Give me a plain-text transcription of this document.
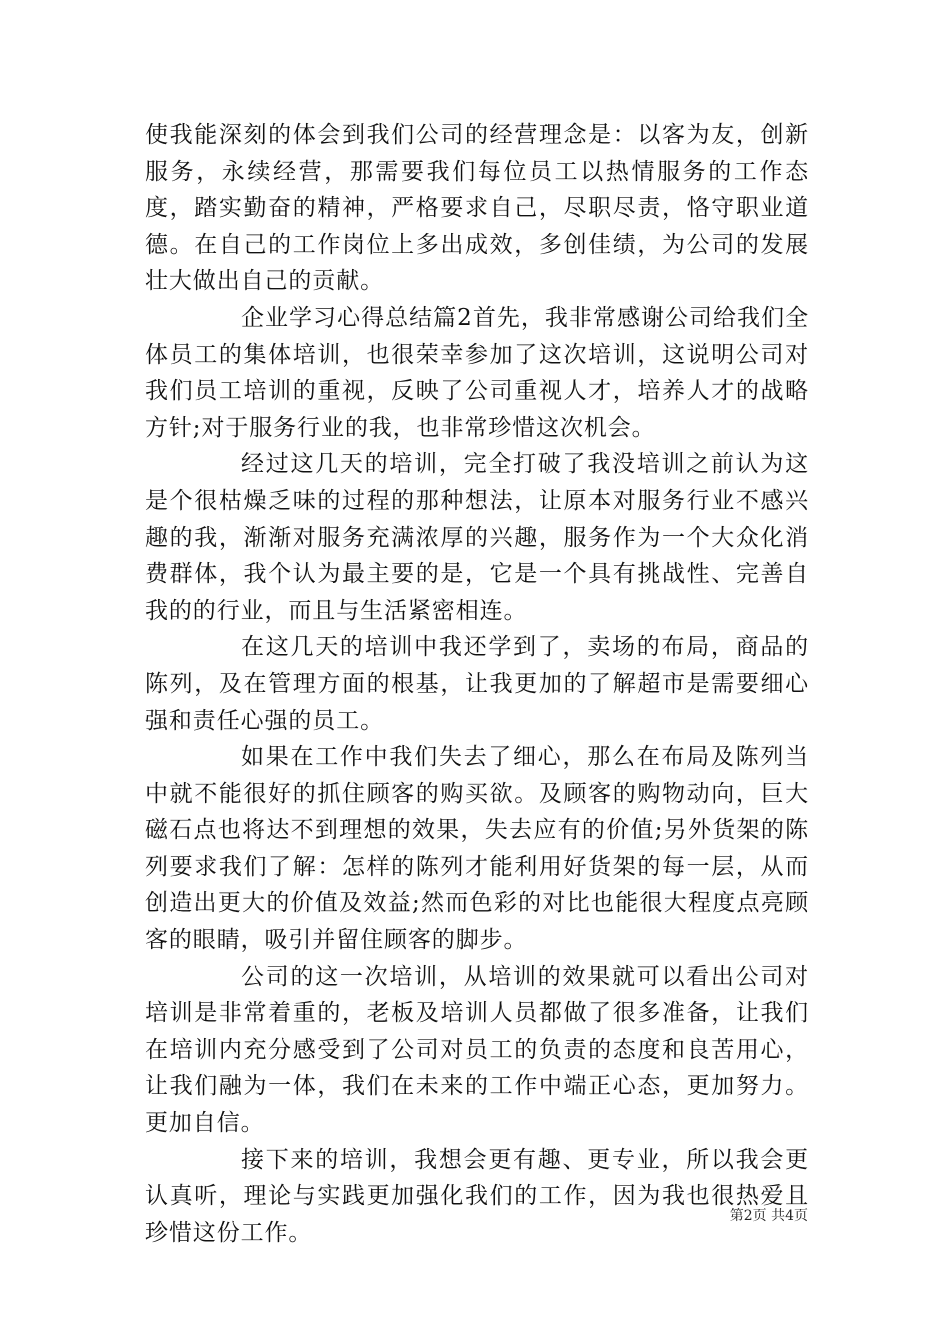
使我能深刻的体会到我们公司的经营理念是：以客为友，创新服务，永续经营，那需要我们每位员工以热情服务的工作态度，踏实勤奋的精神，严格要求自己，尽职尽责，恪守职业道德。在自己的工作岗位上多出成效，多创佳绩，为公司的发展壮大做出自己的贡献。

企业学习心得总结篇2首先，我非常感谢公司给我们全体员工的集体培训，也很荣幸参加了这次培训，这说明公司对我们员工培训的重视，反映了公司重视人才，培养人才的战略方针;对于服务行业的我，也非常珍惜这次机会。

经过这几天的培训，完全打破了我没培训之前认为这是个很枯燥乏味的过程的那种想法，让原本对服务行业不感兴趣的我，渐渐对服务充满浓厚的兴趣，服务作为一个大众化消费群体，我个认为最主要的是，它是一个具有挑战性、完善自我的的行业，而且与生活紧密相连。

在这几天的培训中我还学到了，卖场的布局，商品的陈列，及在管理方面的根基，让我更加的了解超市是需要细心强和责任心强的员工。

如果在工作中我们失去了细心，那么在布局及陈列当中就不能很好的抓住顾客的购买欲。及顾客的购物动向，巨大磁石点也将达不到理想的效果，失去应有的价值;另外货架的陈列要求我们了解：怎样的陈列才能利用好货架的每一层，从而创造出更大的价值及效益;然而色彩的对比也能很大程度点亮顾客的眼睛，吸引并留住顾客的脚步。

公司的这一次培训，从培训的效果就可以看出公司对培训是非常着重的，老板及培训人员都做了很多准备，让我们在培训内充分感受到了公司对员工的负责的态度和良苦用心，让我们融为一体，我们在未来的工作中端正心态，更加努力。更加自信。

接下来的培训，我想会更有趣、更专业，所以我会更认真听，理论与实践更加强化我们的工作，因为我也很热爱且珍惜这份工作。

第2页 共4页
